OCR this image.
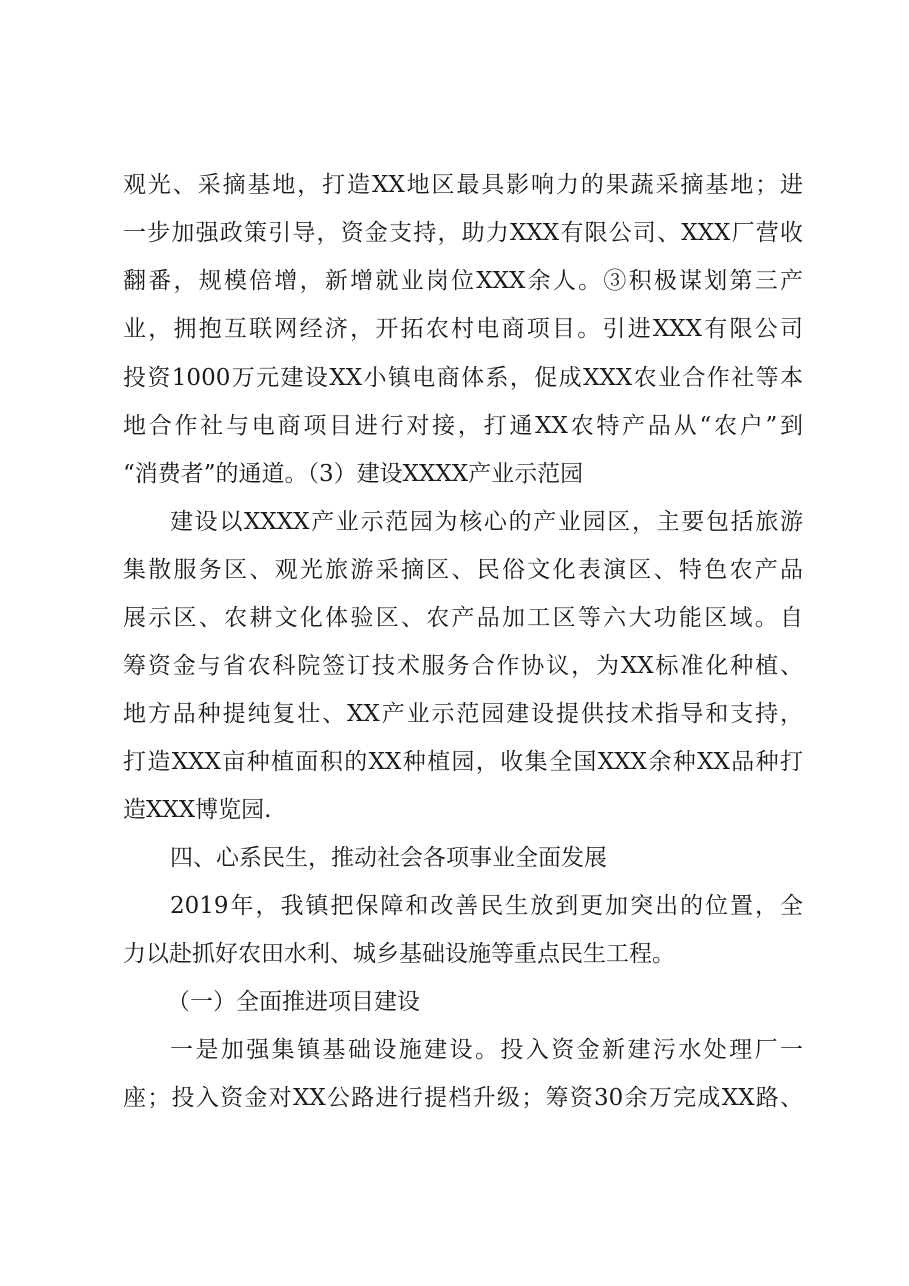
观光、采摘基地，打造XX地区最具影响力的果蔬采摘基地；进
一步加强政策引导，资金支持，助力XXX有限公司、XXX厂营收
翻番，规模倍增，新增就业岗位XXX余人。③积极谋划第三产
业，拥抱互联网经济，开拓农村电商项目。引进XXX有限公司
投资1000万元建设XX小镇电商体系，促成XXX农业合作社等本
地合作社与电商项目进行对接，打通XX农特产品从“农户”到
“消费者”的通道。（3）建设XXXX产业示范园
建设以XXXX产业示范园为核心的产业园区，主要包括旅游
集散服务区、观光旅游采摘区、民俗文化表演区、特色农产品
展示区、农耕文化体验区、农产品加工区等六大功能区域。自
筹资金与省农科院签订技术服务合作协议，为XX标准化种植、
地方品种提纯复壮、XX产业示范园建设提供技术指导和支持，
打造XXX亩种植面积的XX种植园，收集全国XXX余种XX品种打
造XXX博览园.
四、心系民生，推动社会各项事业全面发展
2019年，我镇把保障和改善民生放到更加突出的位置，全
力以赴抓好农田水利、城乡基础设施等重点民生工程。
（一）全面推进项目建设
一是加强集镇基础设施建设。投入资金新建污水处理厂一
座；投入资金对XX公路进行提档升级；筹资30余万完成XX路、
